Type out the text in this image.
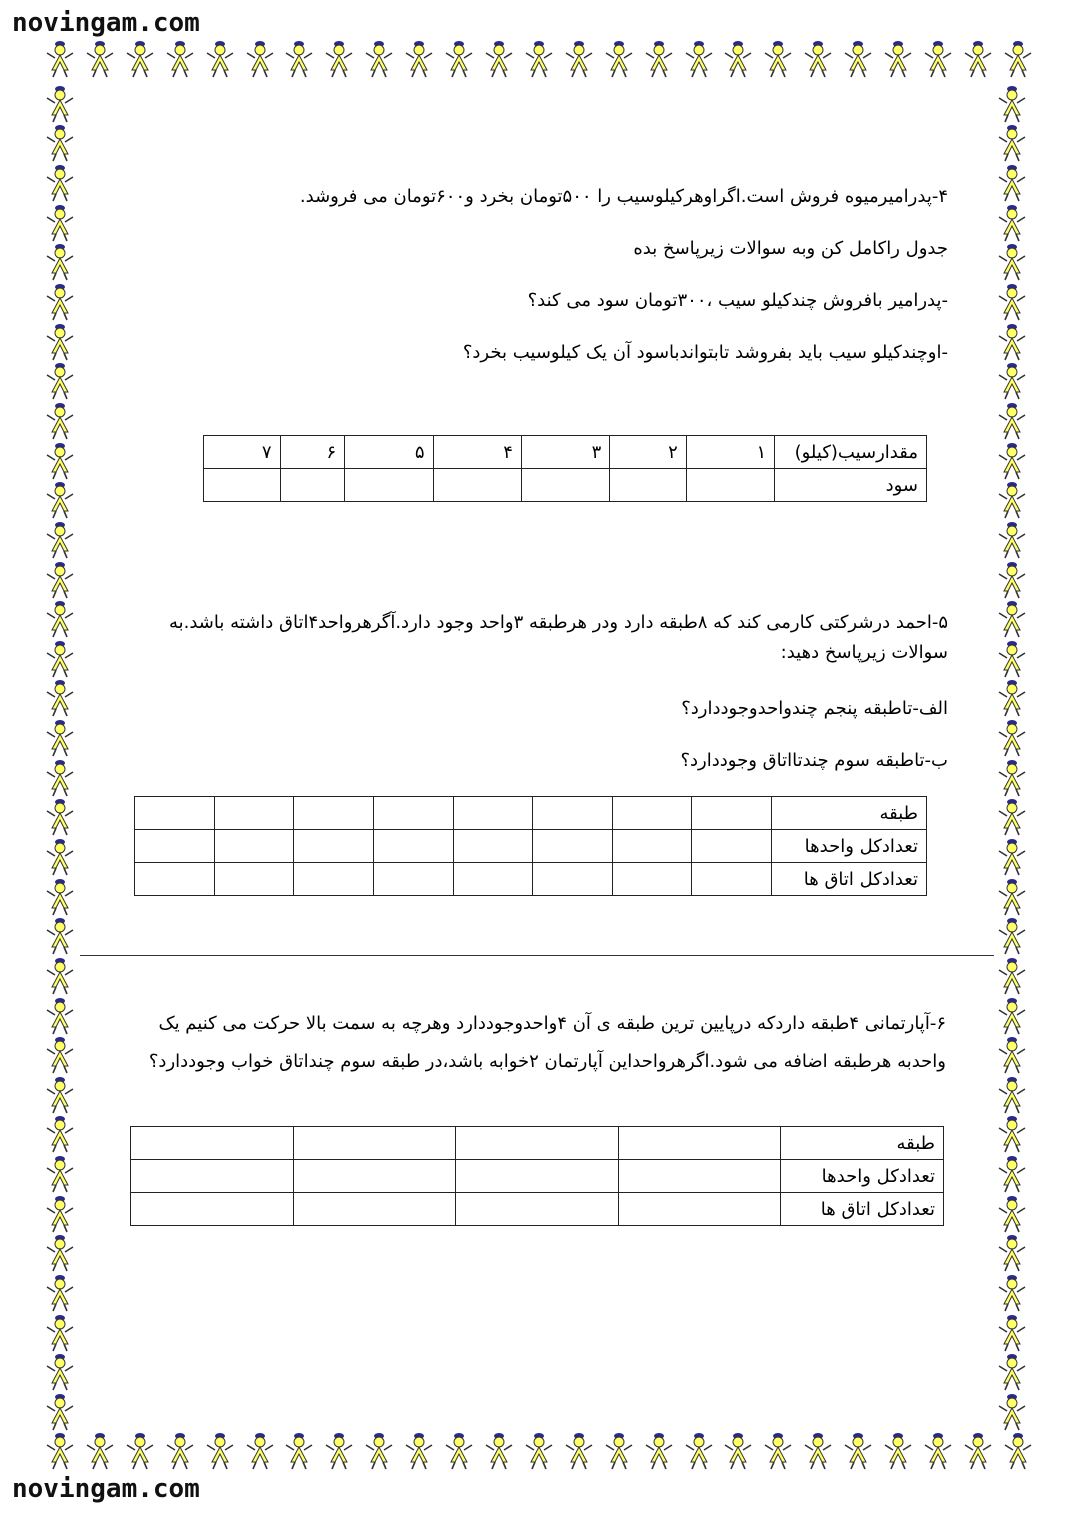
novingam.com
novingam.com
۴-پدرامیرمیوه فروش است.اگراوهرکیلوسیب را ۵۰۰تومان بخرد و۶۰۰تومان می فروشد.
جدول راکامل کن وبه سوالات زیرپاسخ بده
-پدرامیر بافروش چندکیلو سیب ،۳۰۰تومان سود می کند؟
-اوچندکیلو سیب باید بفروشد تابتواندباسود آن یک کیلوسیب بخرد؟
مقدارسیب(کیلو)	۱	۲	۳	۴	۵	۶	۷
سود							
۵-احمد درشرکتی کارمی کند که ۸طبقه دارد ودر هرطبقه ۳واحد وجود دارد.آگرهرواحد۴اتاق داشته باشد.به سوالات زیرپاسخ دهید:
الف-تاطبقه پنجم چندواحدوجوددارد؟
ب-تاطبقه سوم چندتااتاق وجوددارد؟
طبقه								
تعدادکل واحدها								
تعدادکل اتاق ها								
۶-آپارتمانی ۴طبقه داردکه درپایین ترین طبقه ی آن ۴واحدوجوددارد وهرچه به سمت بالا حرکت می کنیم یک واحدبه هرطبقه اضافه می شود.اگرهرواحداین آپارتمان ۲خوابه باشد،در طبقه سوم چنداتاق خواب وجوددارد؟
طبقه				
تعدادکل واحدها				
تعدادکل اتاق ها				
